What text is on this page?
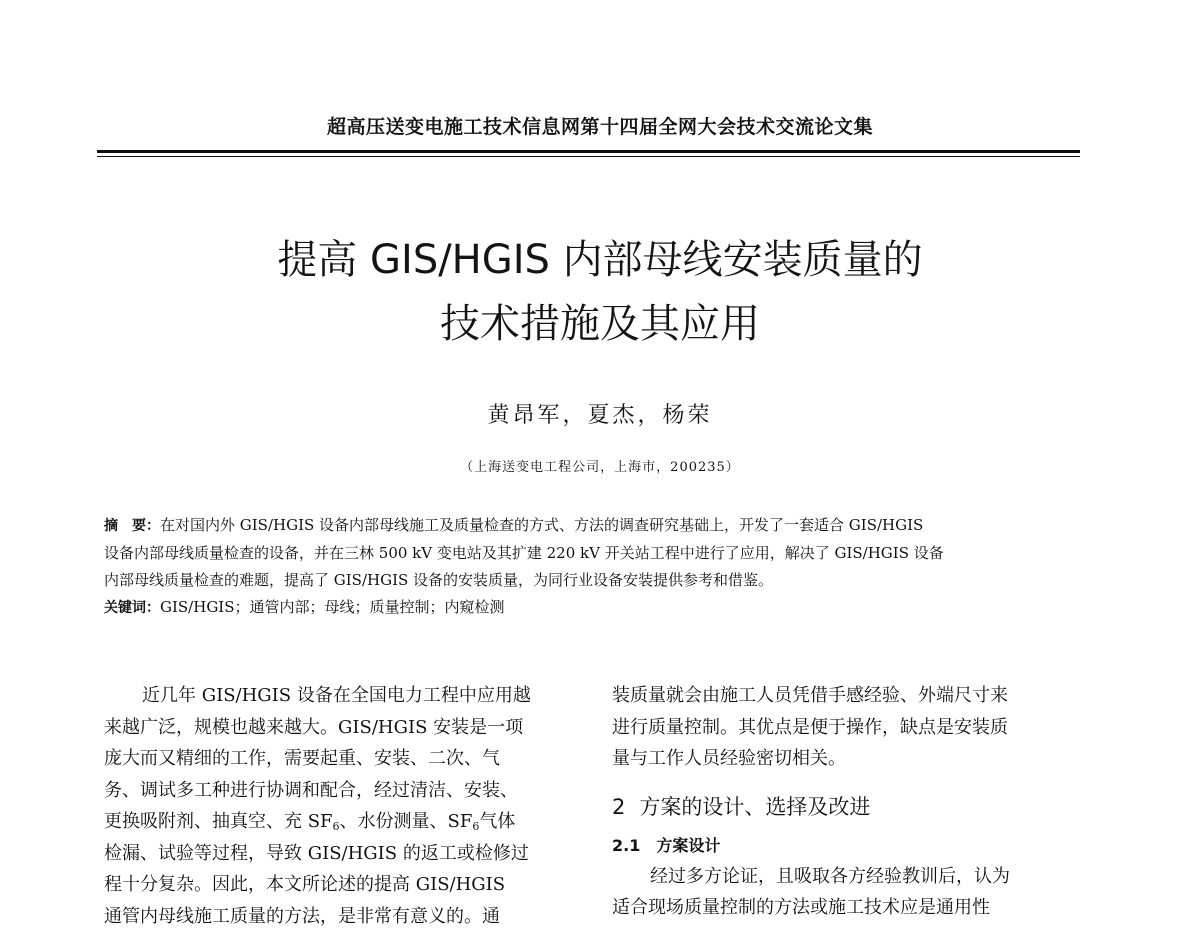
超高压送变电施工技术信息网第十四届全网大会技术交流论文集
提高 GIS/HGIS 内部母线安装质量的
技术措施及其应用
黄昂军，夏杰，杨荣
（上海送变电工程公司，上海市，200235）

摘　要：在对国内外 GIS/HGIS 设备内部母线施工及质量检查的方式、方法的调查研究基础上，开发了一套适合 GIS/HGIS

设备内部母线质量检查的设备，并在三林 500 kV 变电站及其扩建 220 kV 开关站工程中进行了应用，解决了 GIS/HGIS 设备

内部母线质量检查的难题，提高了 GIS/HGIS 设备的安装质量，为同行业设备安装提供参考和借鉴。

关键词：GIS/HGIS；通管内部；母线；质量控制；内窥检测

近几年 GIS/HGIS 设备在全国电力工程中应用越

来越广泛，规模也越来越大。GIS/HGIS 安装是一项

庞大而又精细的工作，需要起重、安装、二次、气

务、调试多工种进行协调和配合，经过清洁、安装、

更换吸附剂、抽真空、充 $SF_6$、水份测量、$SF_6$气体

检漏、试验等过程，导致 GIS/HGIS 的返工或检修过

程十分复杂。因此，本文所论述的提高 GIS/HGIS

通管内母线施工质量的方法，是非常有意义的。通

装质量就会由施工人员凭借手感经验、外端尺寸来

进行质量控制。其优点是便于操作，缺点是安装质

量与工作人员经验密切相关。

2 方案的设计、选择及改进

2.1 方案设计

经过多方论证，且吸取各方经验教训后，认为

适合现场质量控制的方法或施工技术应是通用性
